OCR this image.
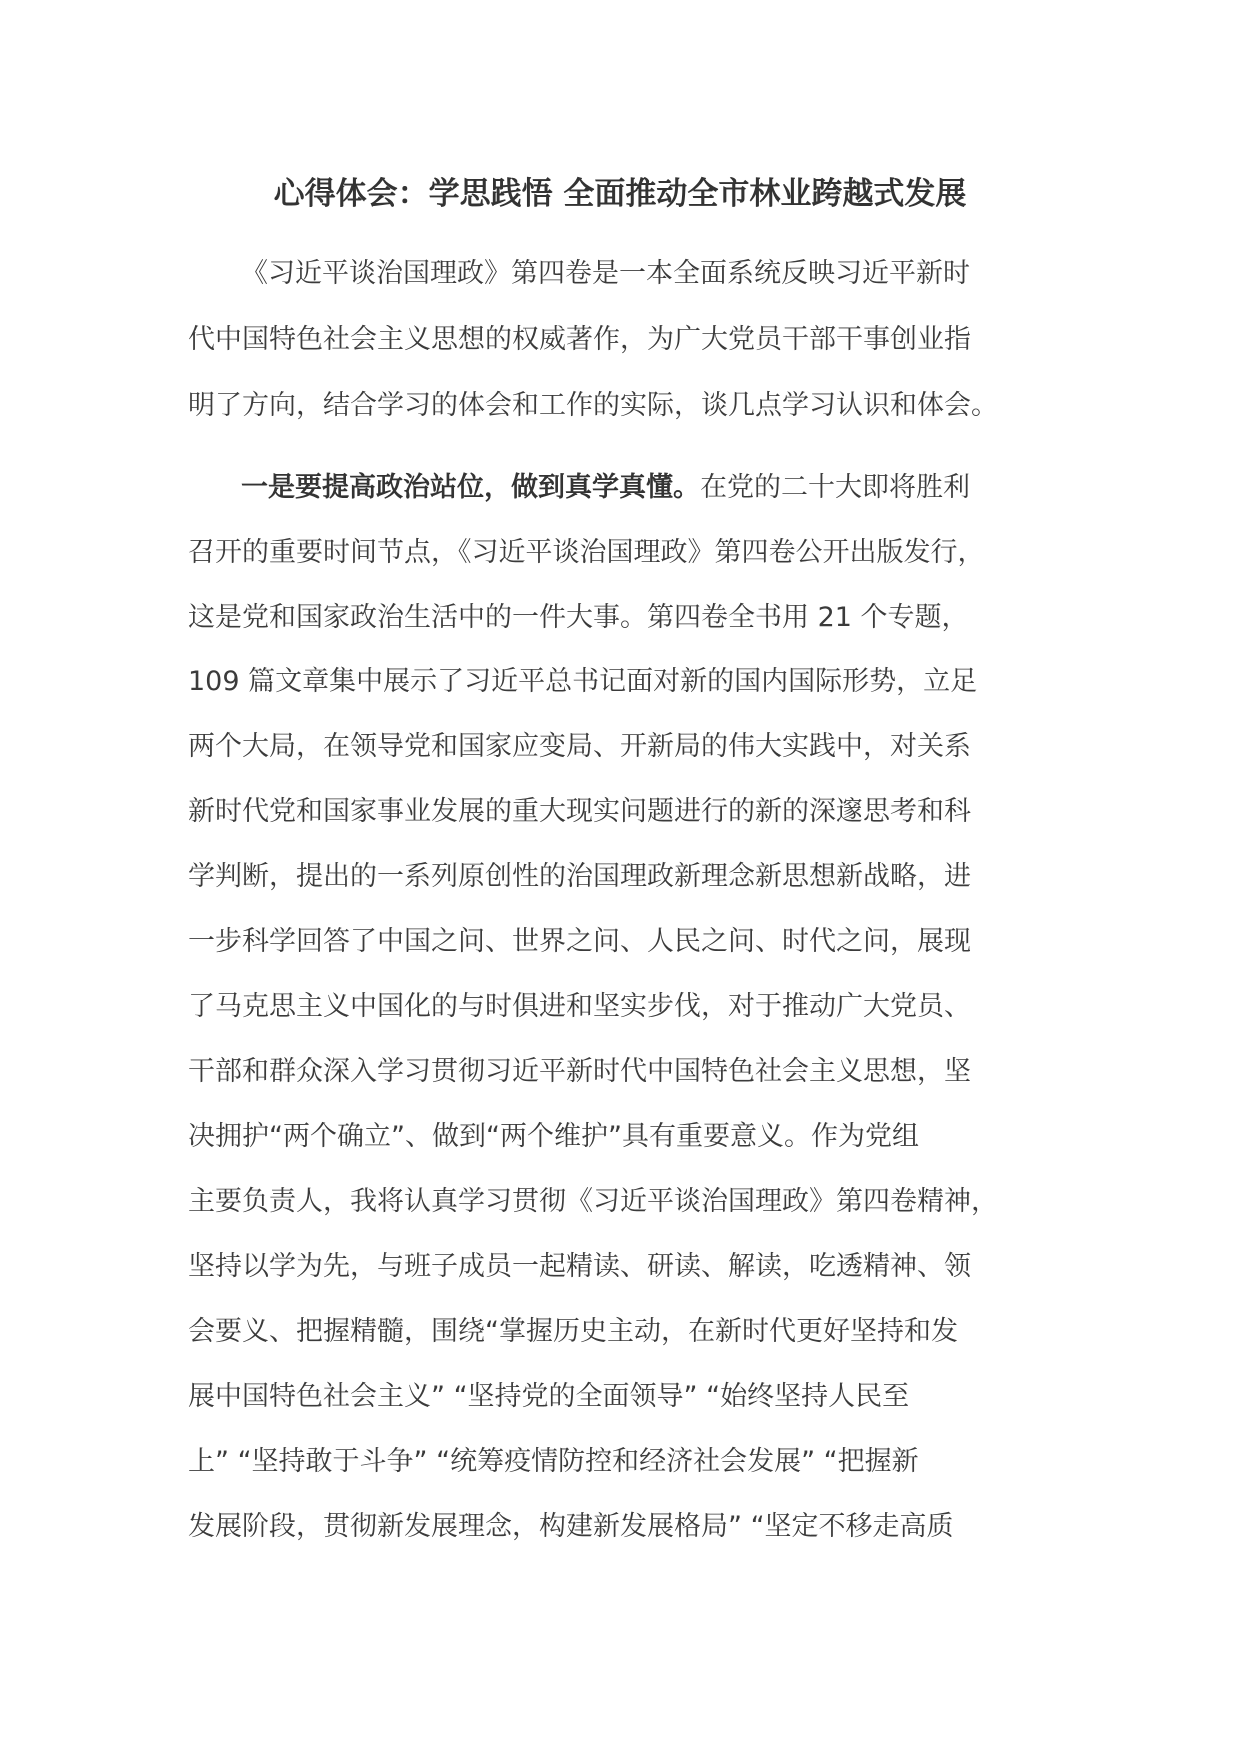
心得体会：学思践悟 全面推动全市林业跨越式发展
《习近平谈治国理政》第四卷是一本全面系统反映习近平新时
代中国特色社会主义思想的权威著作，为广大党员干部干事创业指
明了方向，结合学习的体会和工作的实际，谈几点学习认识和体会。
一是要提高政治站位，做到真学真懂。在党的二十大即将胜利
召开的重要时间节点，《习近平谈治国理政》第四卷公开出版发行，
这是党和国家政治生活中的一件大事。第四卷全书用 21 个专题，
109 篇文章集中展示了习近平总书记面对新的国内国际形势，立足
两个大局，在领导党和国家应变局、开新局的伟大实践中，对关系
新时代党和国家事业发展的重大现实问题进行的新的深邃思考和科
学判断，提出的一系列原创性的治国理政新理念新思想新战略，进
一步科学回答了中国之问、世界之问、人民之问、时代之问，展现
了马克思主义中国化的与时俱进和坚实步伐，对于推动广大党员、
干部和群众深入学习贯彻习近平新时代中国特色社会主义思想，坚
决拥护“两个确立”、做到“两个维护”具有重要意义。作为党组
主要负责人，我将认真学习贯彻《习近平谈治国理政》第四卷精神，
坚持以学为先，与班子成员一起精读、研读、解读，吃透精神、领
会要义、把握精髓，围绕“掌握历史主动，在新时代更好坚持和发
展中国特色社会主义” “坚持党的全面领导” “始终坚持人民至
上” “坚持敢于斗争” “统筹疫情防控和经济社会发展” “把握新
发展阶段，贯彻新发展理念，构建新发展格局” “坚定不移走高质
